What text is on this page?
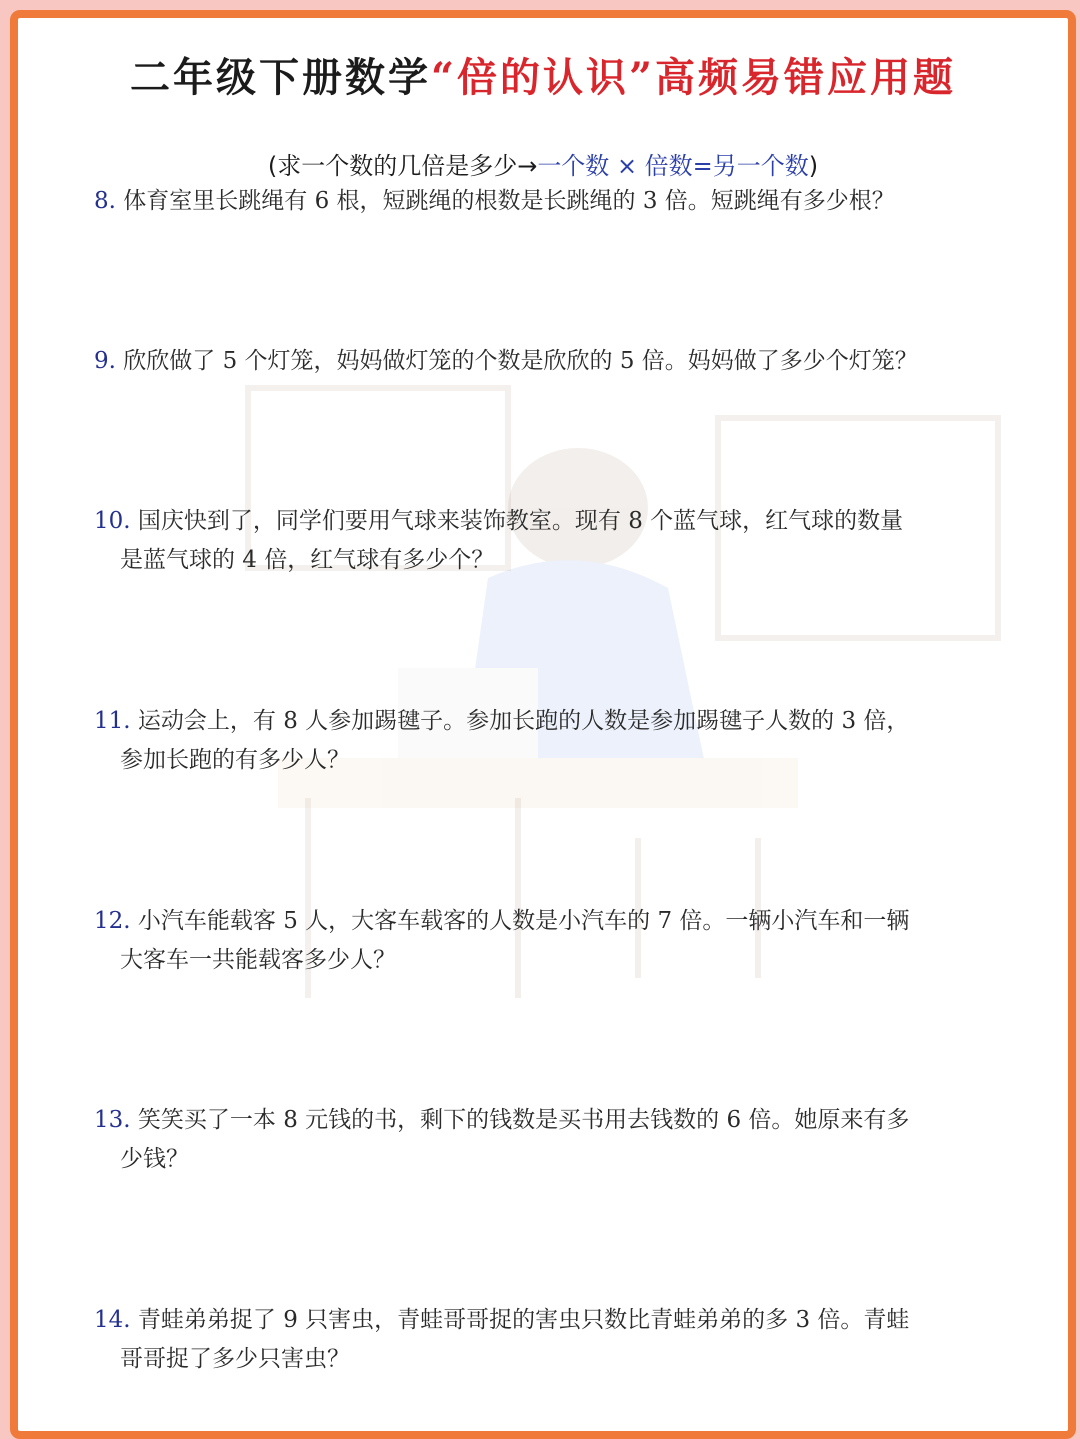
二年级下册数学“倍的认识”高频易错应用题
(求一个数的几倍是多少→一个数 × 倍数=另一个数)
8. 体育室里长跳绳有 6 根，短跳绳的根数是长跳绳的 3 倍。短跳绳有多少根？
9. 欣欣做了 5 个灯笼，妈妈做灯笼的个数是欣欣的 5 倍。妈妈做了多少个灯笼？
10. 国庆快到了，同学们要用气球来装饰教室。现有 8 个蓝气球，红气球的数量
是蓝气球的 4 倍，红气球有多少个？
11. 运动会上，有 8 人参加踢毽子。参加长跑的人数是参加踢毽子人数的 3 倍，
参加长跑的有多少人？
12. 小汽车能载客 5 人，大客车载客的人数是小汽车的 7 倍。一辆小汽车和一辆
大客车一共能载客多少人？
13. 笑笑买了一本 8 元钱的书，剩下的钱数是买书用去钱数的 6 倍。她原来有多
少钱？
14. 青蛙弟弟捉了 9 只害虫，青蛙哥哥捉的害虫只数比青蛙弟弟的多 3 倍。青蛙
哥哥捉了多少只害虫？
